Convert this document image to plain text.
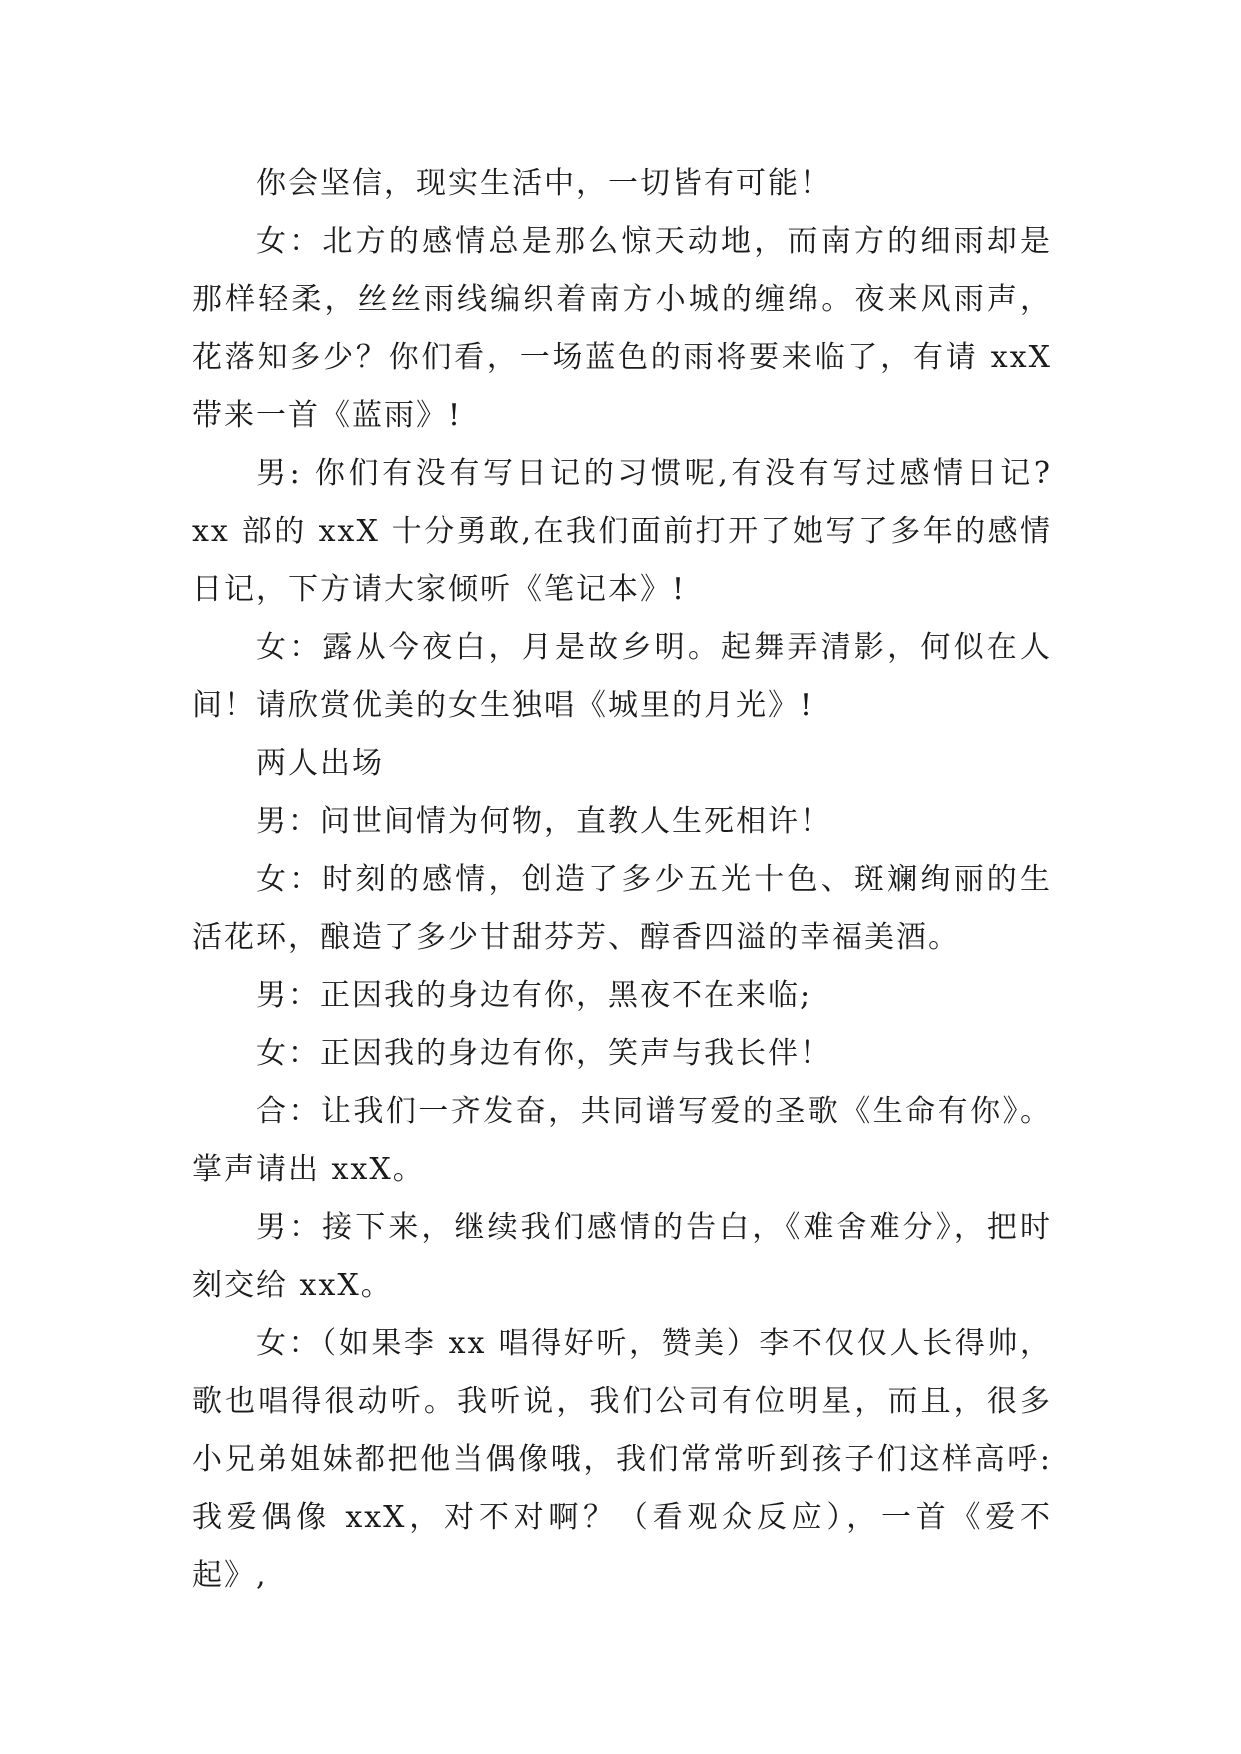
你会坚信，现实生活中，一切皆有可能！

女：北方的感情总是那么惊天动地，而南方的细雨却是那样轻柔，丝丝雨线编织着南方小城的缠绵。夜来风雨声，花落知多少？你们看，一场蓝色的雨将要来临了，有请 xxX 带来一首《蓝雨》!

男: 你们有没有写日记的习惯呢,有没有写过感情日记? xx 部的 xxX 十分勇敢,在我们面前打开了她写了多年的感情日记，下方请大家倾听《笔记本》!

女：露从今夜白，月是故乡明。起舞弄清影，何似在人间！请欣赏优美的女生独唱《城里的月光》!

两人出场

男：问世间情为何物，直教人生死相许！

女：时刻的感情，创造了多少五光十色、斑斓绚丽的生活花环，酿造了多少甘甜芬芳、醇香四溢的幸福美酒。

男：正因我的身边有你，黑夜不在来临;

女：正因我的身边有你，笑声与我长伴！

合：让我们一齐发奋，共同谱写爱的圣歌《生命有你》。掌声请出 xxX。

男：接下来，继续我们感情的告白，《难舍难分》，把时刻交给 xxX。

女：（如果李 xx 唱得好听，赞美）李不仅仅人长得帅，歌也唱得很动听。我听说，我们公司有位明星，而且，很多小兄弟姐妹都把他当偶像哦，我们常常听到孩子们这样高呼: 我爱偶像 xxX，对不对啊？（看观众反应），一首《爱不起》,
